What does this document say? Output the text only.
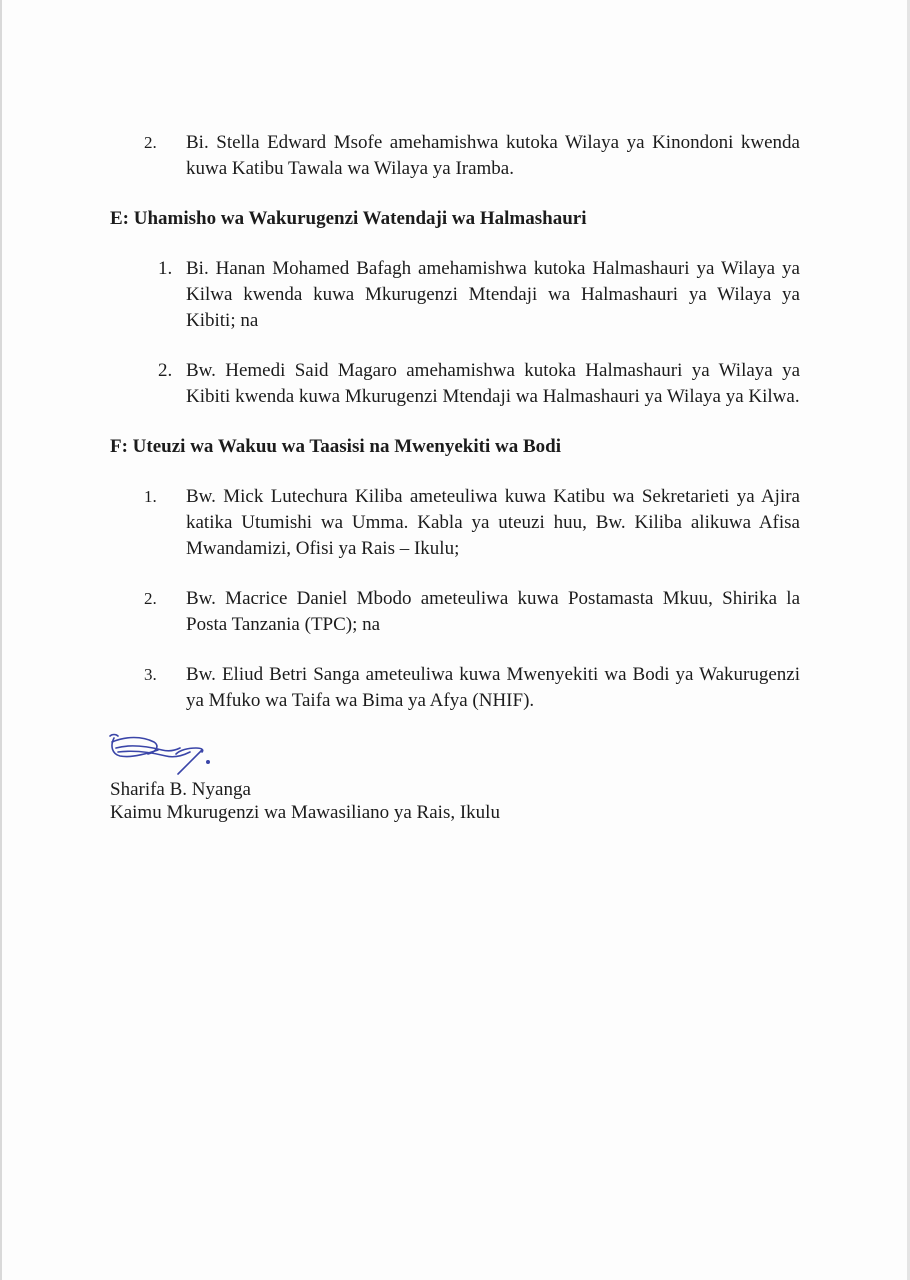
2. Bi. Stella Edward Msofe amehamishwa kutoka Wilaya ya Kinondoni kwenda kuwa Katibu Tawala wa Wilaya ya Iramba.
E: Uhamisho wa Wakurugenzi Watendaji wa Halmashauri
1. Bi. Hanan Mohamed Bafagh amehamishwa kutoka Halmashauri ya Wilaya ya Kilwa kwenda kuwa Mkurugenzi Mtendaji wa Halmashauri ya Wilaya ya Kibiti; na
2. Bw. Hemedi Said Magaro amehamishwa kutoka Halmashauri ya Wilaya ya Kibiti kwenda kuwa Mkurugenzi Mtendaji wa Halmashauri ya Wilaya ya Kilwa.
F: Uteuzi wa Wakuu wa Taasisi na Mwenyekiti wa Bodi
1. Bw. Mick Lutechura Kiliba ameteuliwa kuwa Katibu wa Sekretarieti ya Ajira katika Utumishi wa Umma. Kabla ya uteuzi huu, Bw. Kiliba alikuwa Afisa Mwandamizi, Ofisi ya Rais – Ikulu;
2. Bw. Macrice Daniel Mbodo ameteuliwa kuwa Postamasta Mkuu, Shirika la Posta Tanzania (TPC); na
3. Bw. Eliud Betri Sanga ameteuliwa kuwa Mwenyekiti wa Bodi ya Wakurugenzi ya Mfuko wa Taifa wa Bima ya Afya (NHIF).
Sharifa B. Nyanga
Kaimu Mkurugenzi wa Mawasiliano ya Rais, Ikulu
